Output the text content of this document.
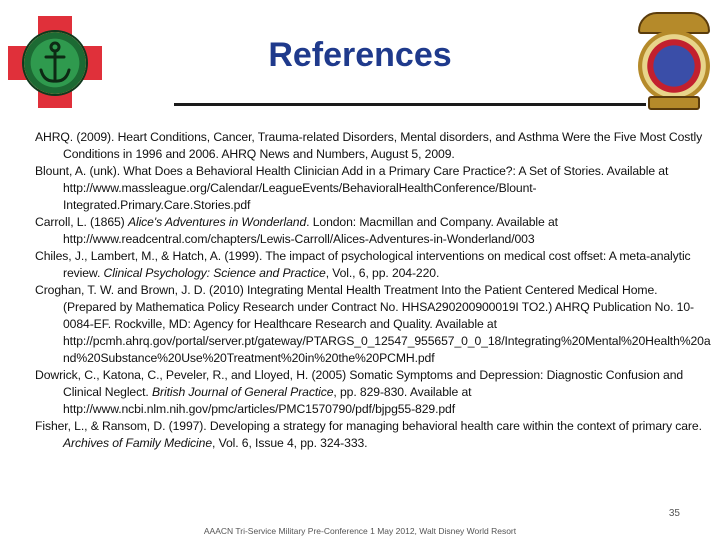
References
AHRQ. (2009). Heart Conditions, Cancer, Trauma-related Disorders, Mental disorders, and Asthma Were the Five Most Costly Conditions in 1996 and 2006. AHRQ News and Numbers, August 5, 2009.
Blount, A. (unk). What Does a Behavioral Health Clinician Add in a Primary Care Practice?: A Set of Stories. Available at http://www.massleague.org/Calendar/LeagueEvents/BehavioralHealthConference/Blount-Integrated.Primary.Care.Stories.pdf
Carroll, L. (1865) Alice's Adventures in Wonderland. London: Macmillan and Company. Available at http://www.readcentral.com/chapters/Lewis-Carroll/Alices-Adventures-in-Wonderland/003
Chiles, J., Lambert, M., & Hatch, A. (1999). The impact of psychological interventions on medical cost offset: A meta-analytic review. Clinical Psychology: Science and Practice, Vol., 6, pp. 204-220.
Croghan, T. W. and Brown, J. D. (2010) Integrating Mental Health Treatment Into the Patient Centered Medical Home. (Prepared by Mathematica Policy Research under Contract No. HHSA290200900019I TO2.) AHRQ Publication No. 10-0084-EF. Rockville, MD: Agency for Healthcare Research and Quality. Available at http://pcmh.ahrq.gov/portal/server.pt/gateway/PTARGS_0_12547_955657_0_0_18/Integrating%20Mental%20Health%20and%20Substance%20Use%20Treatment%20in%20the%20PCMH.pdf
Dowrick, C., Katona, C., Peveler, R., and Lloyed, H. (2005) Somatic Symptoms and Depression: Diagnostic Confusion and Clinical Neglect. British Journal of General Practice, pp. 829-830. Available at http://www.ncbi.nlm.nih.gov/pmc/articles/PMC1570790/pdf/bjpg55-829.pdf
Fisher, L., & Ransom, D. (1997). Developing a strategy for managing behavioral health care within the context of primary care. Archives of Family Medicine, Vol. 6, Issue 4, pp. 324-333.
35
AAACN Tri-Service Military Pre-Conference 1 May 2012, Walt Disney World Resort
